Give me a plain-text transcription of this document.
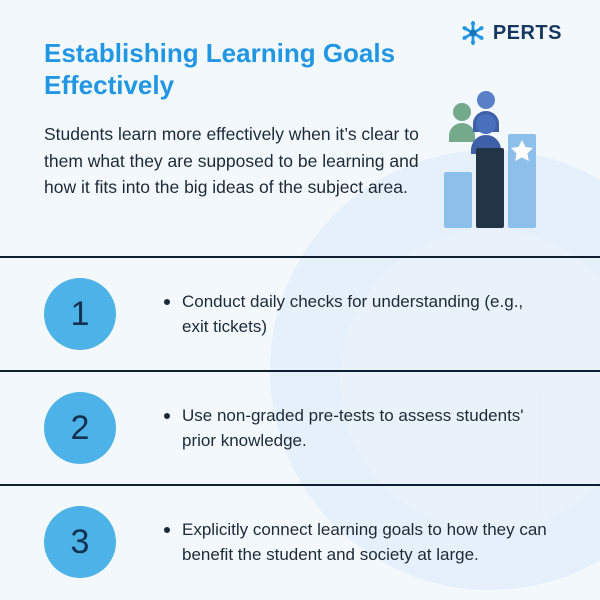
PERTS
Establishing Learning Goals Effectively

Students learn more effectively when it’s clear to them what they are supposed to be learning and how it fits into the big ideas of the subject area.

1	Conduct daily checks for understanding (e.g., exit tickets)
2	Use non-graded pre-tests to assess students' prior knowledge.
3	Explicitly connect learning goals to how they can benefit the student and society at large.
